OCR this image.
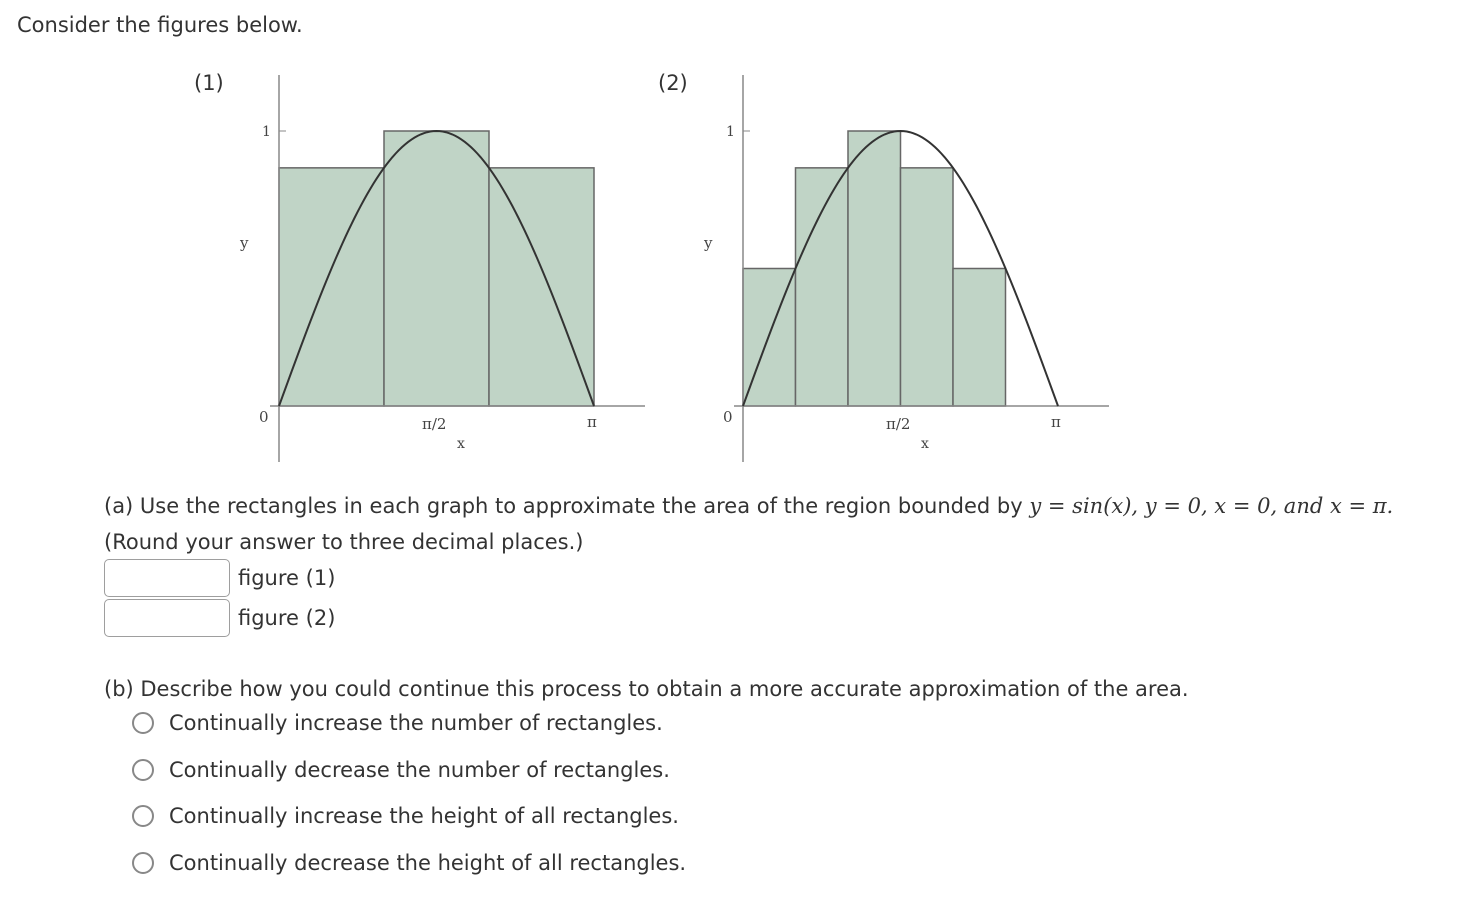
Consider the figures below.
(1)
1
y
0	π/2	π
x
(2)
1
y
0	π/2	π
x
(a) Use the rectangles in each graph to approximate the area of the region bounded by y = sin(x), y = 0, x = 0, and x = π.
(Round your answer to three decimal places.)
figure (1)
figure (2)
(b) Describe how you could continue this process to obtain a more accurate approximation of the area.
Continually increase the number of rectangles.
Continually decrease the number of rectangles.
Continually increase the height of all rectangles.
Continually decrease the height of all rectangles.
